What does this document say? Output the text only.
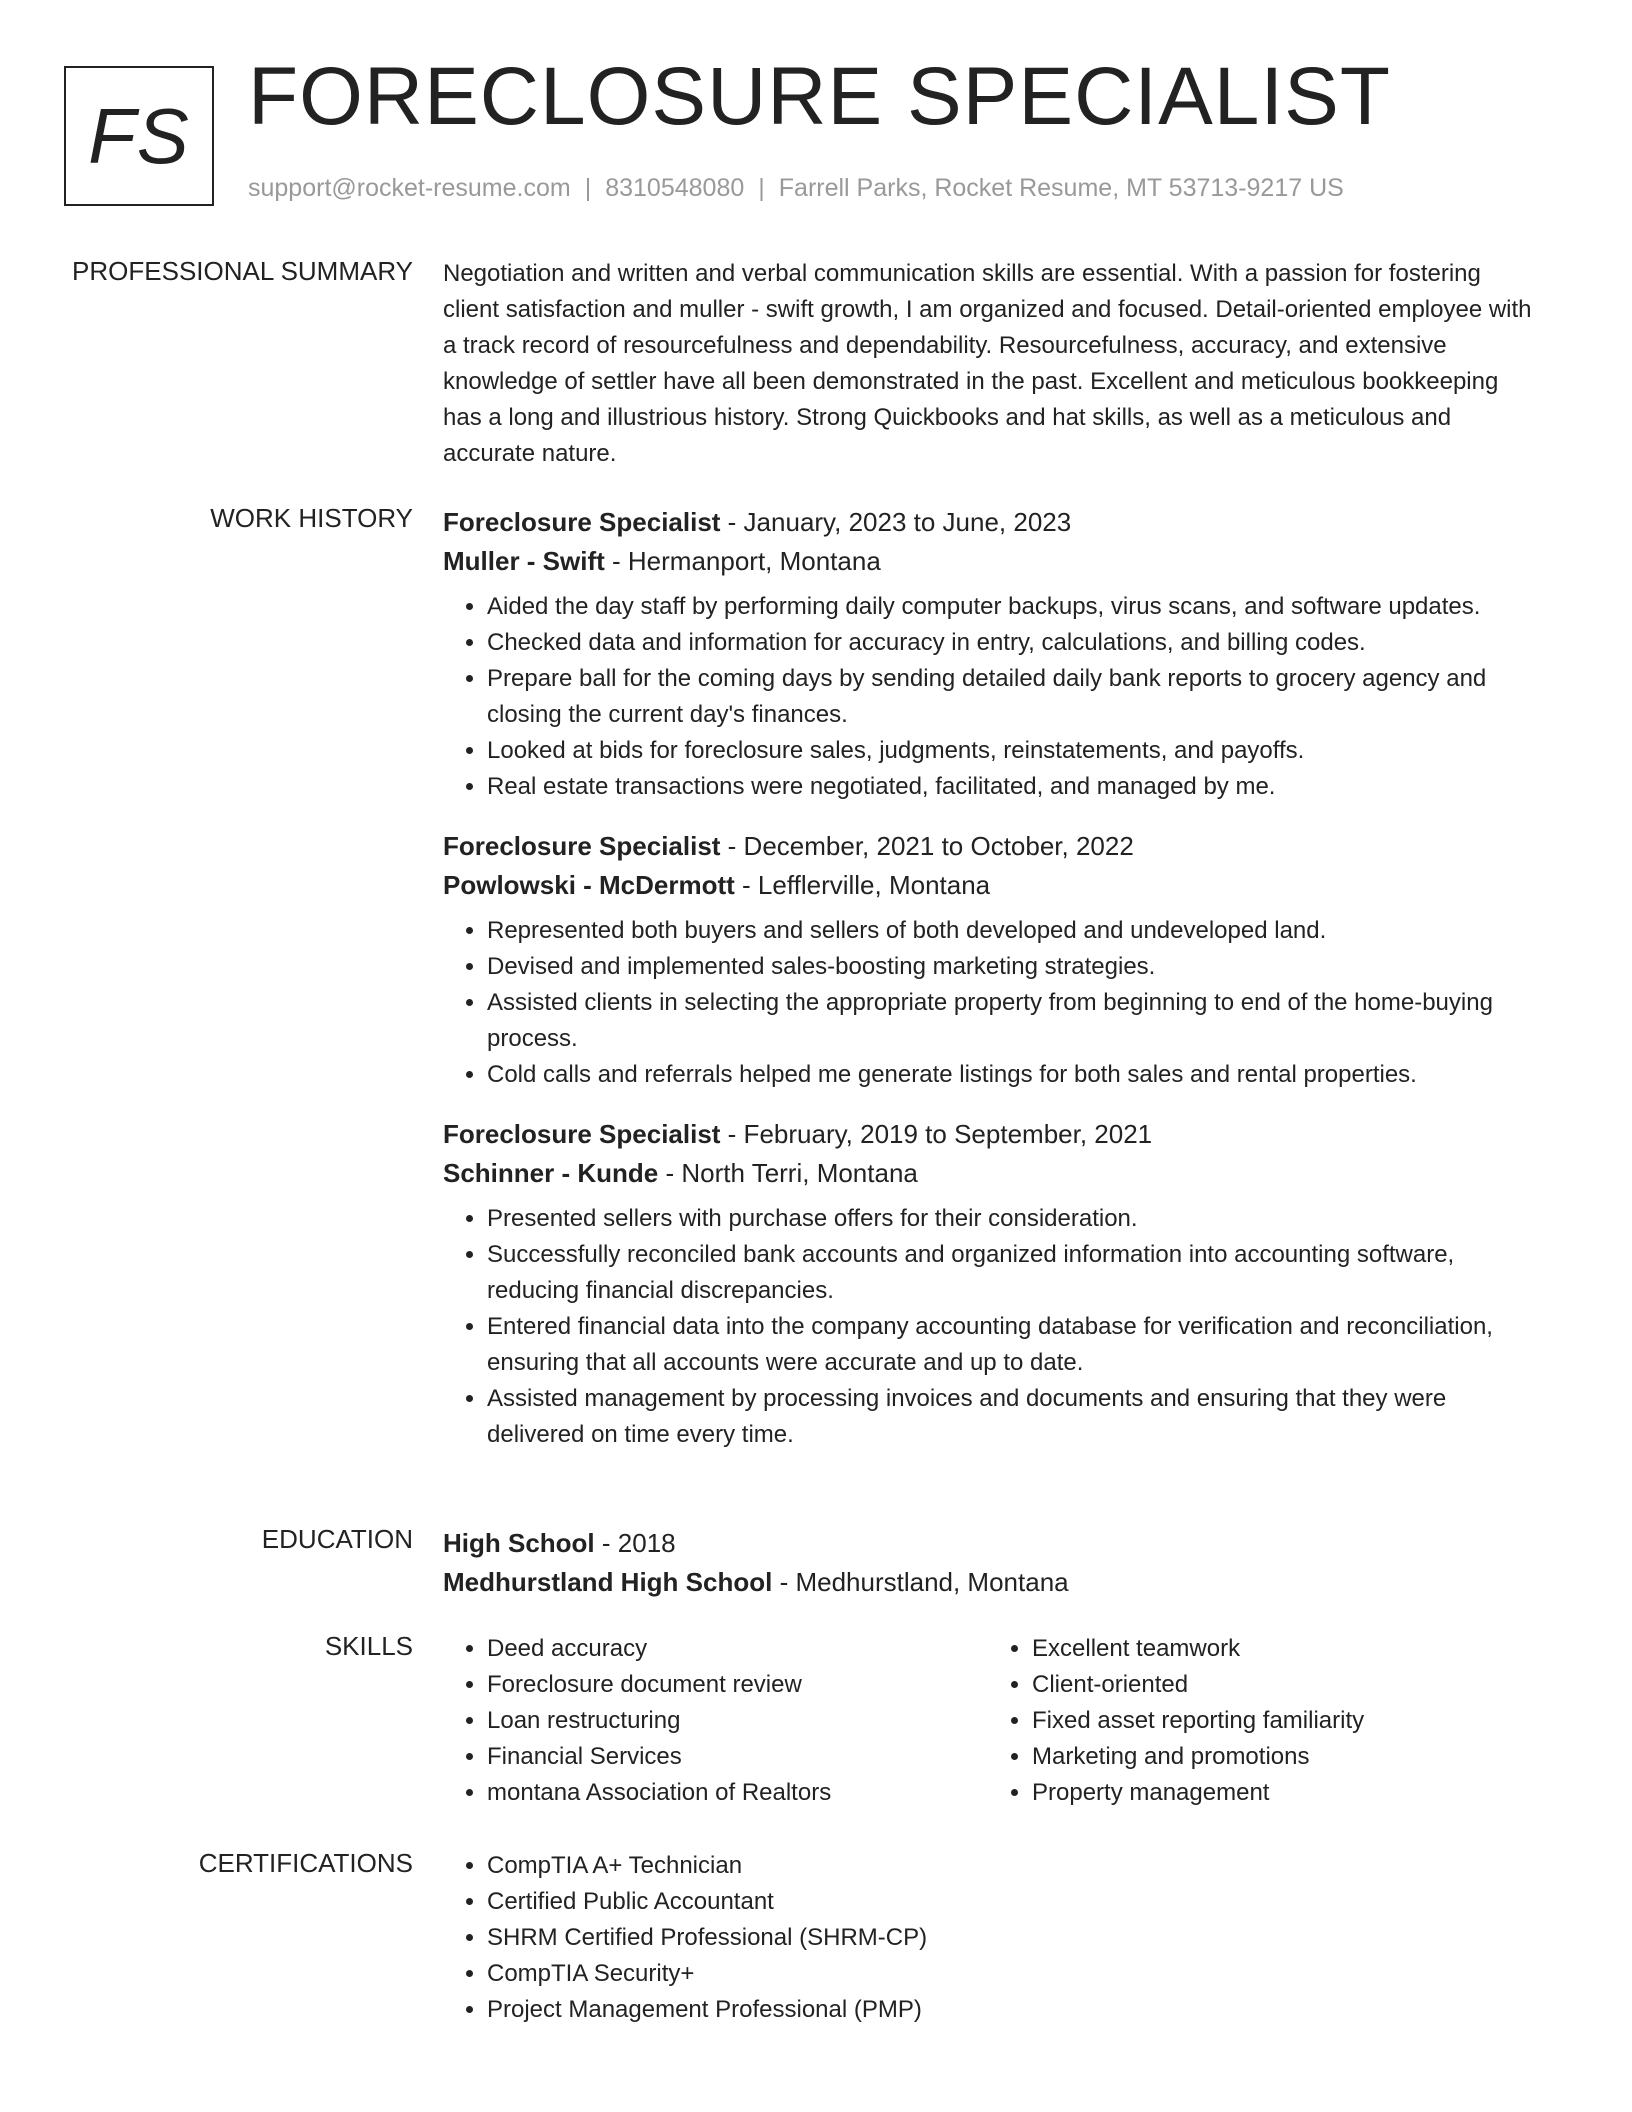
FS FORECLOSURE SPECIALIST
support@rocket-resume.com | 8310548080 | Farrell Parks, Rocket Resume, MT 53713-9217 US
PROFESSIONAL SUMMARY Negotiation and written and verbal communication skills are essential. With a passion for fostering client satisfaction and muller - swift growth, I am organized and focused. Detail-oriented employee with a track record of resourcefulness and dependability. Resourcefulness, accuracy, and extensive knowledge of settler have all been demonstrated in the past. Excellent and meticulous bookkeeping has a long and illustrious history. Strong Quickbooks and hat skills, as well as a meticulous and accurate nature.
WORK HISTORY Foreclosure Specialist - January, 2023 to June, 2023
Muller - Swift - Hermanport, Montana
• Aided the day staff by performing daily computer backups, virus scans, and software updates.
• Checked data and information for accuracy in entry, calculations, and billing codes.
• Prepare ball for the coming days by sending detailed daily bank reports to grocery agency and closing the current day's finances.
• Looked at bids for foreclosure sales, judgments, reinstatements, and payoffs.
• Real estate transactions were negotiated, facilitated, and managed by me.
Foreclosure Specialist - December, 2021 to October, 2022
Powlowski - McDermott - Lefflerville, Montana
• Represented both buyers and sellers of both developed and undeveloped land.
• Devised and implemented sales-boosting marketing strategies.
• Assisted clients in selecting the appropriate property from beginning to end of the home-buying process.
• Cold calls and referrals helped me generate listings for both sales and rental properties.
Foreclosure Specialist - February, 2019 to September, 2021
Schinner - Kunde - North Terri, Montana
• Presented sellers with purchase offers for their consideration.
• Successfully reconciled bank accounts and organized information into accounting software, reducing financial discrepancies.
• Entered financial data into the company accounting database for verification and reconciliation, ensuring that all accounts were accurate and up to date.
• Assisted management by processing invoices and documents and ensuring that they were delivered on time every time.
EDUCATION High School - 2018
Medhurstland High School - Medhurstland, Montana
SKILLS	• Deed accuracy
• Foreclosure document review
• Loan restructuring
• Financial Services
• montana Association of Realtors
• Excellent teamwork
• Client-oriented
• Fixed asset reporting familiarity
• Marketing and promotions
• Property management
CERTIFICATIONS	• CompTIA A+ Technician
• Certified Public Accountant
• SHRM Certified Professional (SHRM-CP)
• CompTIA Security+
• Project Management Professional (PMP)
